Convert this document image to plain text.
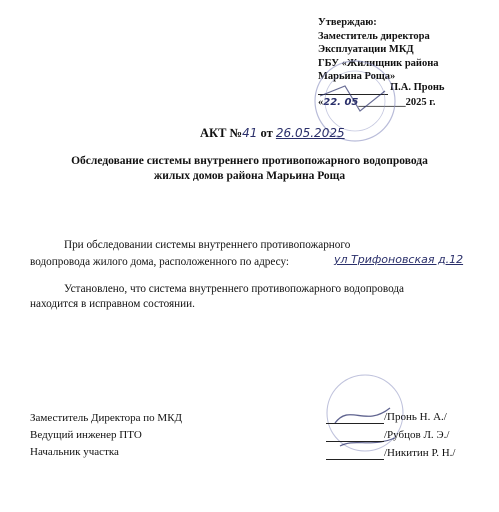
Утверждаю:
Заместитель директора
Эксплуатации МКД
ГБУ «Жилищник района
Марьина Роща»
П.А. Пронь
«22. 05_________2025 г.
АКТ №41 от 26.05.2025
Обследование системы внутреннего противопожарного водопровода
жилых домов района Марьина Роща
При обследовании системы внутреннего противопожарного
водопровода жилого дома, расположенного по адресу:	ул Трифоновская д.12
Установлено, что система внутреннего противопожарного водопровода
находится в исправном состоянии.
Заместитель Директора по МКД
Ведущий инженер ПТО
Начальник участка
/Пронь Н. А./
/Рубцов Л. Э./
/Никитин Р. Н./
